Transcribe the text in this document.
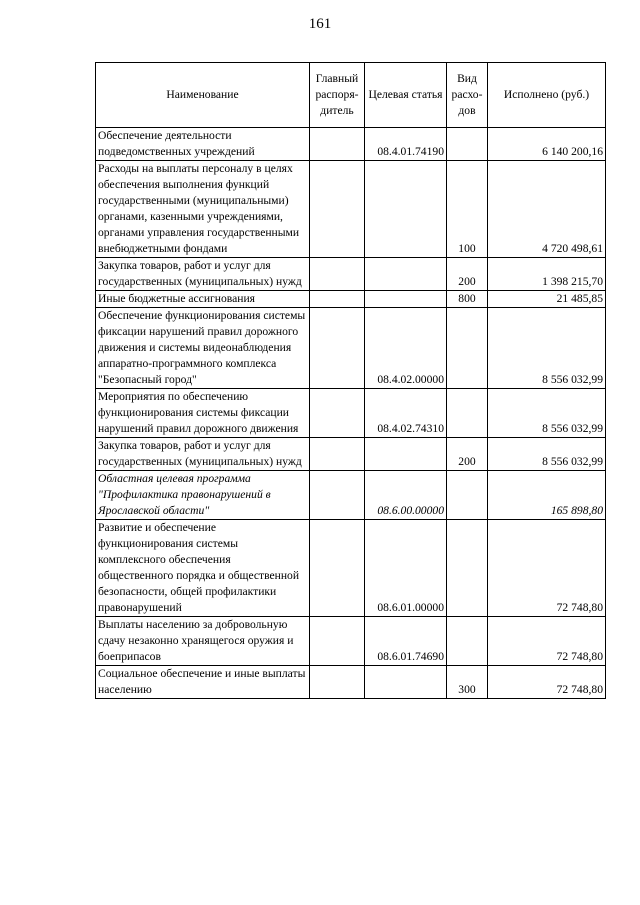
161
Наименование	Главный распоря-дитель	Целевая статья	Вид расхо-дов	Исполнено (руб.)
Обеспечение деятельности подведомственных учреждений		08.4.01.74190		6 140 200,16
Расходы на выплаты персоналу в целях обеспечения выполнения функций государственными (муниципальными) органами, казенными учреждениями, органами управления государственными внебюджетными фондами			100	4 720 498,61
Закупка товаров, работ и услуг для государственных (муниципальных) нужд			200	1 398 215,70
Иные бюджетные ассигнования			800	21 485,85
Обеспечение функционирования системы фиксации нарушений правил дорожного движения и системы видеонаблюдения аппаратно-программного комплекса "Безопасный город"		08.4.02.00000		8 556 032,99
Мероприятия по обеспечению функционирования системы фиксации нарушений правил дорожного движения		08.4.02.74310		8 556 032,99
Закупка товаров, работ и услуг для государственных (муниципальных) нужд			200	8 556 032,99
Областная целевая программа "Профилактика правонарушений в Ярославской области"		08.6.00.00000		165 898,80
Развитие и обеспечение функционирования системы комплексного обеспечения общественного порядка и общественной безопасности, общей профилактики правонарушений		08.6.01.00000		72 748,80
Выплаты населению за добровольную сдачу незаконно хранящегося оружия и боеприпасов		08.6.01.74690		72 748,80
Социальное обеспечение и иные выплаты населению			300	72 748,80
